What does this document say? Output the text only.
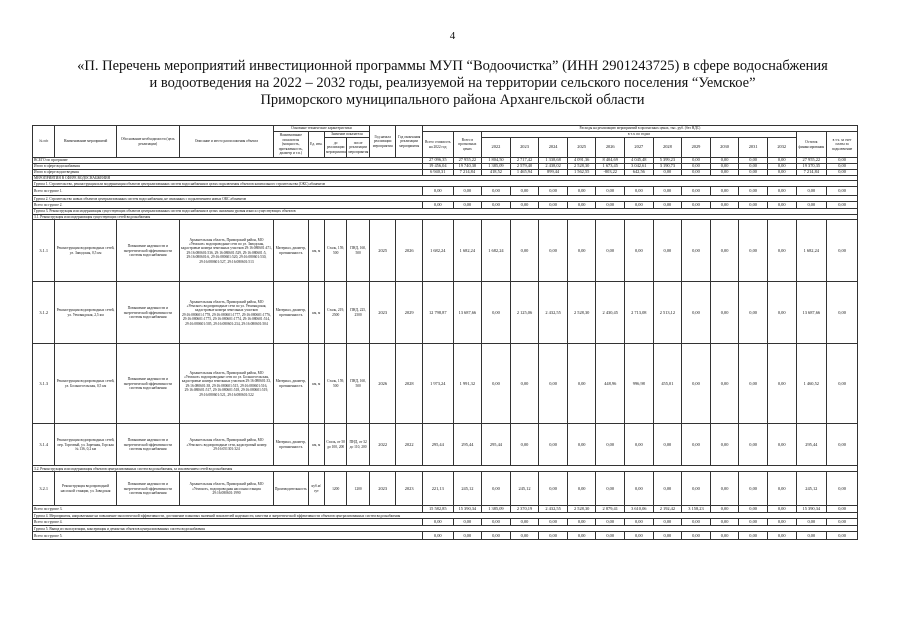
4
«П. Перечень мероприятий инвестиционной программы МУП “Водоочистка” (ИНН 2901243725) в сфере водоснабжения
и водоотведения на 2022 – 2032 годы, реализуемой на территории сельского поселения “Уемское”
Приморского муниципального района Архангельской области
№ п/п	Наименование мероприятий	Обоснование необходимости (цель реализации)	Описание и место расположения объекта	Основные технические характеристики				Год начала реализации мероприятия	Год окончания реализации мероприятия	Расходы на реализацию мероприятий в прогнозных ценах, тыс. руб. (без НДС)														
				Наименование показателя (мощность, протяженность, диаметр и т.п.)	Ед. изм.	Значение показателя				Всего стоимость на 2022 год	Всего в прогнозных ценах	в т.ч. по годам											Остаток финансирования	в т.ч. за счет платы за подключение
						до реализации мероприятия	после реализации мероприятия					2022	2023	2024	2025	2026	2027	2028	2029	2030	2031	2032		

ВСЕГО по программе										27 096,35	27 955,22	1 804,50	2 717,42	1 338,68	4 091,36	8 404,69	4 045,48	5 399,23	0,00	0,00	0,00	0,00	27 955,22	0,00
Итого в сфере водоснабжения										19 456,04	19 740,38	1 385,09	2 579,40	2 438,02	2 528,30	1 673,45	3 042,61	3 190,73	0,00	0,00	0,00	0,00	19 370,35	0,00
Итого в сфере водоотведения										6 940,31	7 214,84	418,52	1 465,94	899,44	1 562,55	-803,22	642,56	0,00	0,00	0,00	0,00	0,00	7 214,84	0,00
МЕРОПРИЯТИЯ В СФЕРЕ ВОДОСНАБЖЕНИЯ																								
Группа 1. Строительство, реконструкция или модернизация объектов централизованных систем водоснабжения в целях подключения объектов капитального строительства (ОКС) абонентов																								
Всего по группе 1.										0,00	0,00	0,00	0,00	0,00	0,00	0,00	0,00	0,00	0,00	0,00	0,00	0,00	0,00	0,00
Группа 2. Строительство новых объектов централизованных систем водоснабжения, не связанных с подключением новых ОКС абонентов																								
Всего по группе 2.										0,00	0,00	0,00	0,00	0,00	0,00	0,00	0,00	0,00	0,00	0,00	0,00	0,00	0,00	0,00
Группа 3. Реконструкция или модернизация существующих объектов централизованных систем водоснабжения в целях снижения уровня износа существующих объектов																								
3.1. Реконструкция или модернизация существующих сетей водоснабжения																								
3.1.1	Реконструкция водопроводных сетей, ул. Заводская, 0,5 км	Повышение надежности и энергетической эффективности системы водоснабжения	Архангельская область, Приморский район, МО «Уемское» водопроводные сети по ул. Заводская, кадастровые номера земельных участков 29:16:080601:471, 29:16:080601:536, 29:16:080601:529, 29:16:080601:5, 29:16:080601:6, 29:16:080601:520, 29:16:080601:530, 29:16:080601:527, 29:16:080601:513	Материал, диаметр, протяженность	км, м	Сталь, 159, 500	ПНД, 160, 500	2025	2026	1 682,24	1 682,24	1 682,24	0,00	0,00	0,00	0,00	0,00	0,00	0,00	0,00	0,00	0,00	1 682,24	0,00
3.1.2	Реконструкция водопроводных сетей, ул. Уемляндская, 2,5 км	Повышение надежности и энергетической эффективности системы водоснабжения	Архангельская область, Приморский район, МО «Уемское» водопроводные сети по ул. Уемляндская, кадастровые номера земельных участков 29:16:080601:1778, 29:16:080601:1777, 29:16:080601:1776, 29:16:080601:1775, 29:16:080601:1774, 29:16:080601:514, 29:16:080601:505, 29:16:080601:234, 29:16:080601:504	Материал, диаметр, протяженность	км, м	Сталь, 219, 2500	ПНД, 225, 2500	2023	2029	12 798,87	13 687,66	0,00	2 125,06	2 432,55	2 528,30	2 430,45	2 713,08	2 513,12	0,00	0,00	0,00	0,00	13 687,66	0,00
3.1.3	Реконструкция водопроводных сетей, ул. Большесельская, 0,5 км	Повышение надежности и энергетической эффективности системы водоснабжения	Архангельская область, Приморский район, МО «Уемское» водопроводные сети по ул. Большесельская, кадастровые номера земельных участков 29:16:080601:33, 29:16:080601:38, 29:16:080601:515, 29:16:080601:516, 29:16:080601:517, 29:16:080601:518, 29:16:080601:519, 29:16:080601:521, 29:16:080601:522	Материал, диаметр, протяженность	км, м	Сталь, 159, 500	ПНД, 160, 500	2026	2028	1 973,24	1 991,32	0,00	0,00	0,00	0,00	448,96	996,98	455,01	0,00	0,00	0,00	0,00	1 460,52	0,00
3.1.4	Реконструкция водопроводных сетей, пер. Торговый, ул. Заречная, Горская № 136, 0,2 км	Повышение надежности и энергетической эффективности системы водоснабжения	Архангельская область, Приморский район, МО «Уемское» водопроводные сети, кадастровый номер 29:16:051301:324	Материал, диаметр, протяженность	км, м	Сталь, от 50 до 100, 200	ПНД, от 32 до 110, 200	2022	2022	295,44	295,44	295,44	0,00	0,00	0,00	0,00	0,00	0,00	0,00	0,00	0,00	0,00	295,44	0,00
3.2. Реконструкция или модернизация объектов централизованных систем водоснабжения, за исключением сетей водоснабжения																								
3.2.1	Реконструкция водопроводной насосной станции, ул. Заводская	Повышение надежности и энергетической эффективности системы водоснабжения	Архангельская область, Приморский район, МО «Уемское», водопроводная насосная станция 29:16:080601:1990	Производительность	куб.м/сут	1200	1200	2023	2023	221,13	245,12	0,00	245,12	0,00	0,00	0,00	0,00	0,00	0,00	0,00	0,00	0,00	245,12	0,00
Всего по группе 3.										15 582,85	15 390,34	1 385,09	2 370,19	2 432,55	2 528,30	2 879,41	3 610,06	2 192,42	3 158,23	0,00	0,00	0,00	15 390,34	0,00
Группа 4. Мероприятия, направленные на повышение экологической эффективности, достижение плановых значений показателей надежности, качества и энергетической эффективности объектов централизованных систем водоснабжения																								
Всего по группе 4.										0,00	0,00	0,00	0,00	0,00	0,00	0,00	0,00	0,00	0,00	0,00	0,00	0,00	0,00	0,00
Группа 5. Вывод из эксплуатации, консервация и демонтаж объектов централизованных систем водоснабжения																								
Всего по группе 5.										0,00	0,00	0,00	0,00	0,00	0,00	0,00	0,00	0,00	0,00	0,00	0,00	0,00	0,00	0,00
